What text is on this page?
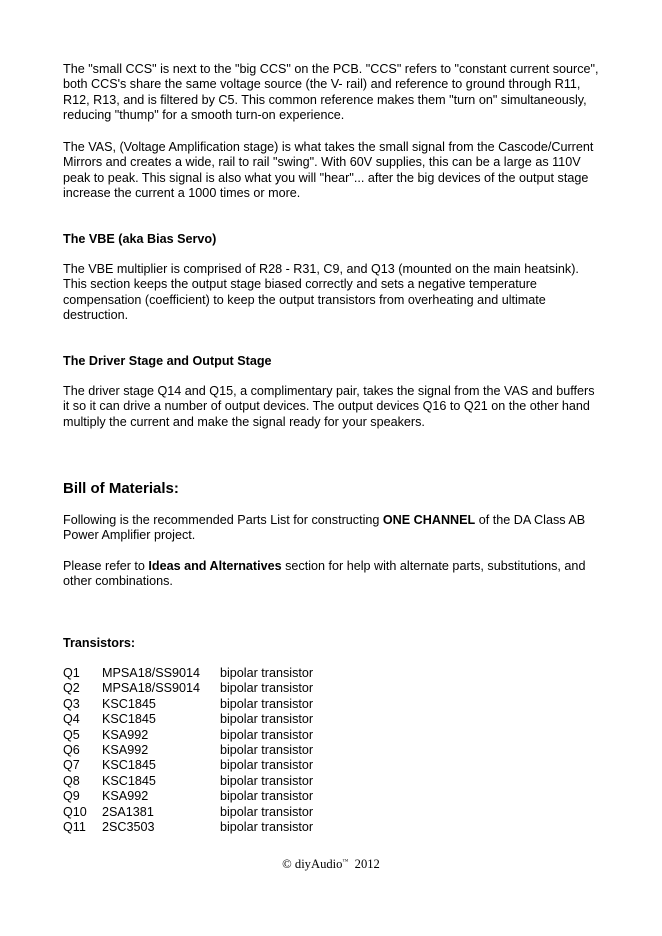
The "small CCS" is next to the "big CCS" on the PCB. "CCS" refers to "constant current source", both CCS's share the same voltage source (the V- rail) and reference to ground through R11, R12, R13, and is filtered by C5. This common reference makes them "turn on" simultaneously, reducing "thump" for a smooth turn-on experience.

The VAS, (Voltage Amplification stage) is what takes the small signal from the Cascode/Current Mirrors and creates a wide, rail to rail "swing". With 60V supplies, this can be a large as 110V peak to peak. This signal is also what you will "hear"... after the big devices of the output stage increase the current a 1000 times or more.

The VBE (aka Bias Servo)

The VBE multiplier is comprised of R28 - R31, C9, and Q13 (mounted on the main heatsink). This section keeps the output stage biased correctly and sets a negative temperature compensation (coefficient) to keep the output transistors from overheating and ultimate destruction.

The Driver Stage and Output Stage

The driver stage Q14 and Q15, a complimentary pair, takes the signal from the VAS and buffers it so it can drive a number of output devices. The output devices Q16 to Q21 on the other hand multiply the current and make the signal ready for your speakers.

Bill of Materials:

Following is the recommended Parts List for constructing ONE CHANNEL of the DA Class AB Power Amplifier project.

Please refer to Ideas and Alternatives section for help with alternate parts, substitutions, and other combinations.

Transistors:

Q1	MPSA18/SS9014	bipolar transistor
Q2	MPSA18/SS9014	bipolar transistor
Q3	KSC1845	bipolar transistor
Q4	KSC1845	bipolar transistor
Q5	KSA992	bipolar transistor
Q6	KSA992	bipolar transistor
Q7	KSC1845	bipolar transistor
Q8	KSC1845	bipolar transistor
Q9	KSA992	bipolar transistor
Q10	2SA1381	bipolar transistor
Q11	2SC3503	bipolar transistor
© diyAudio™ 2012
